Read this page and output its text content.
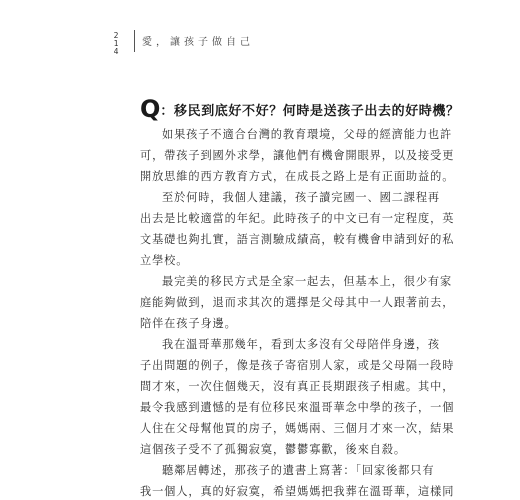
2
1
4
愛，讓孩子做自己
Q：移民到底好不好？何時是送孩子出去的好時機？
如果孩子不適合台灣的教育環境，父母的經濟能力也許
可，帶孩子到國外求學，讓他們有機會開眼界，以及接受更
開放思維的西方教育方式，在成長之路上是有正面助益的。
至於何時，我個人建議，孩子讀完國一、國二課程再
出去是比較適當的年紀。此時孩子的中文已有一定程度，英
文基礎也夠扎實，語言測驗成績高，較有機會申請到好的私
立學校。
最完美的移民方式是全家一起去，但基本上，很少有家
庭能夠做到，退而求其次的選擇是父母其中一人跟著前去，
陪伴在孩子身邊。
我在溫哥華那幾年，看到太多沒有父母陪伴身邊，孩
子出問題的例子，像是孩子寄宿別人家，或是父母隔一段時
間才來，一次住個幾天，沒有真正長期跟孩子相處。其中，
最令我感到遺憾的是有位移民來溫哥華念中學的孩子，一個
人住在父母幫他買的房子，媽媽兩、三個月才來一次，結果
這個孩子受不了孤獨寂寞，鬱鬱寡歡，後來自殺。
聽鄰居轉述，那孩子的遺書上寫著：「回家後都只有
我一個人，真的好寂寞，希望媽媽把我葬在溫哥華，這樣同
